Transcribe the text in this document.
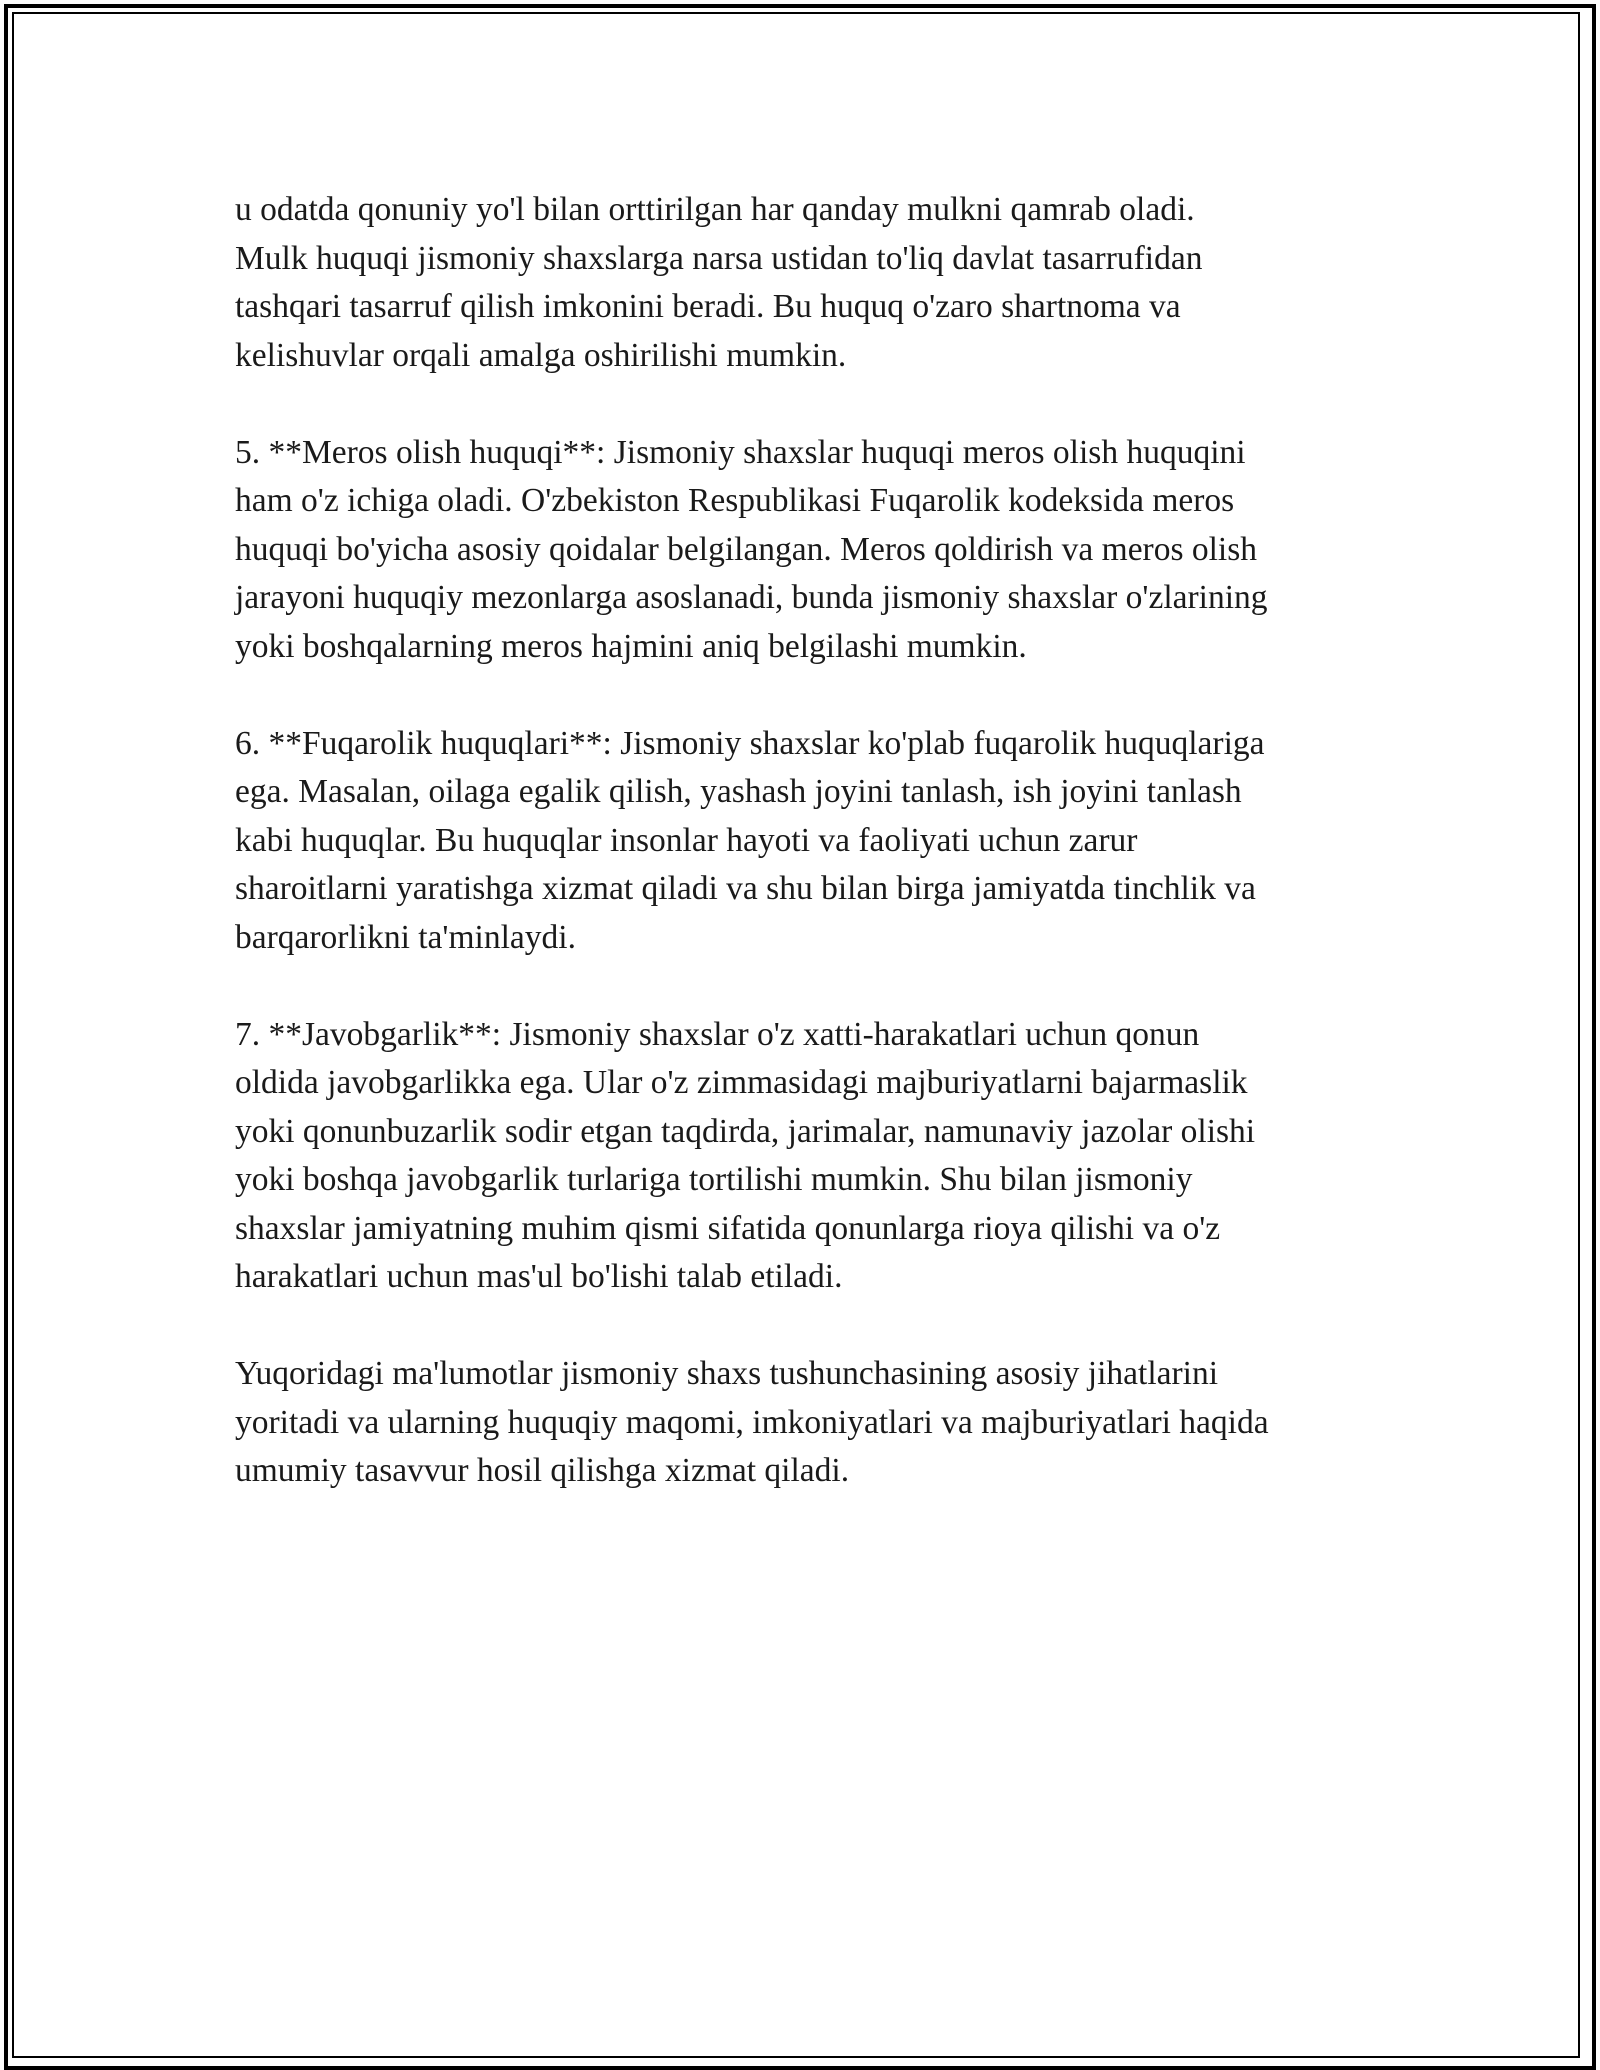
u odatda qonuniy yo'l bilan orttirilgan har qanday mulkni qamrab oladi.
Mulk huquqi jismoniy shaxslarga narsa ustidan to'liq davlat tasarrufidan
tashqari tasarruf qilish imkonini beradi. Bu huquq o'zaro shartnoma va
kelishuvlar orqali amalga oshirilishi mumkin.

5. **Meros olish huquqi**: Jismoniy shaxslar huquqi meros olish huquqini
ham o'z ichiga oladi. O'zbekiston Respublikasi Fuqarolik kodeksida meros
huquqi bo'yicha asosiy qoidalar belgilangan. Meros qoldirish va meros olish
jarayoni huquqiy mezonlarga asoslanadi, bunda jismoniy shaxslar o'zlarining
yoki boshqalarning meros hajmini aniq belgilashi mumkin.

6. **Fuqarolik huquqlari**: Jismoniy shaxslar ko'plab fuqarolik huquqlariga
ega. Masalan, oilaga egalik qilish, yashash joyini tanlash, ish joyini tanlash
kabi huquqlar. Bu huquqlar insonlar hayoti va faoliyati uchun zarur
sharoitlarni yaratishga xizmat qiladi va shu bilan birga jamiyatda tinchlik va
barqarorlikni ta'minlaydi.

7. **Javobgarlik**: Jismoniy shaxslar o'z xatti-harakatlari uchun qonun
oldida javobgarlikka ega. Ular o'z zimmasidagi majburiyatlarni bajarmaslik
yoki qonunbuzarlik sodir etgan taqdirda, jarimalar, namunaviy jazolar olishi
yoki boshqa javobgarlik turlariga tortilishi mumkin. Shu bilan jismoniy
shaxslar jamiyatning muhim qismi sifatida qonunlarga rioya qilishi va o'z
harakatlari uchun mas'ul bo'lishi talab etiladi.

Yuqoridagi ma'lumotlar jismoniy shaxs tushunchasining asosiy jihatlarini
yoritadi va ularning huquqiy maqomi, imkoniyatlari va majburiyatlari haqida
umumiy tasavvur hosil qilishga xizmat qiladi.
